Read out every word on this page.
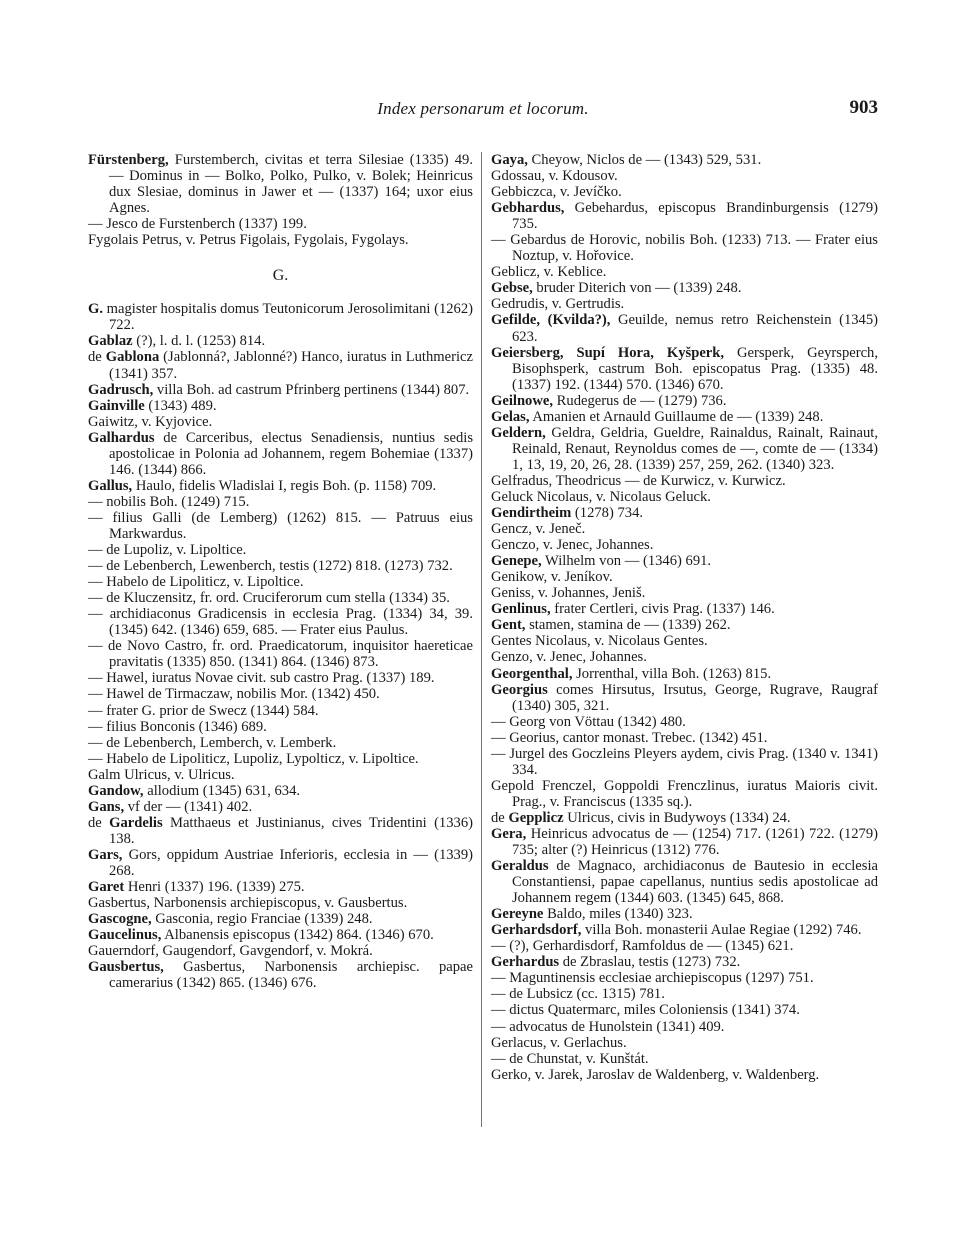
Index personarum et locorum.	903

Fürstenberg, Furstemberch, civitas et terra Silesiae (1335) 49. — Dominus in — Bolko, Polko, Pulko, v. Bolek; Heinricus dux Slesiae, dominus in Jawer et — (1337) 164; uxor eius Agnes.

— Jesco de Furstenberch (1337) 199.

Fygolais Petrus, v. Petrus Figolais, Fygolais, Fygolays.

G.

G. magister hospitalis domus Teutonicorum Jerosolimitani (1262) 722.

Gablaz (?), l. d. l. (1253) 814.

de Gablona (Jablonná?, Jablonné?) Hanco, iuratus in Luthmericz (1341) 357.

Gadrusch, villa Boh. ad castrum Pfrinberg pertinens (1344) 807.

Gainville (1343) 489.

Gaiwitz, v. Kyjovice.

Galhardus de Carceribus, electus Senadiensis, nuntius sedis apostolicae in Polonia ad Johannem, regem Bohemiae (1337) 146. (1344) 866.

Gallus, Haulo, fidelis Wladislai I, regis Boh. (p. 1158) 709.

— nobilis Boh. (1249) 715.

— filius Galli (de Lemberg) (1262) 815. — Patruus eius Markwardus.

— de Lupoliz, v. Lipoltice.

— de Lebenberch, Lewenberch, testis (1272) 818. (1273) 732.

— Habelo de Lipoliticz, v. Lipoltice.

— de Kluczensitz, fr. ord. Cruciferorum cum stella (1334) 35.

— archidiaconus Gradicensis in ecclesia Prag. (1334) 34, 39. (1345) 642. (1346) 659, 685. — Frater eius Paulus.

— de Novo Castro, fr. ord. Praedicatorum, inquisitor haereticae pravitatis (1335) 850. (1341) 864. (1346) 873.

— Hawel, iuratus Novae civit. sub castro Prag. (1337) 189.

— Hawel de Tirmaczaw, nobilis Mor. (1342) 450.

— frater G. prior de Swecz (1344) 584.

— filius Bonconis (1346) 689.

— de Lebenberch, Lemberch, v. Lemberk.

— Habelo de Lipoliticz, Lupoliz, Lypolticz, v. Lipoltice.

Galm Ulricus, v. Ulricus.

Gandow, allodium (1345) 631, 634.

Gans, vf der — (1341) 402.

de Gardelis Matthaeus et Justinianus, cives Tridentini (1336) 138.

Gars, Gors, oppidum Austriae Inferioris, ecclesia in — (1339) 268.

Garet Henri (1337) 196. (1339) 275.

Gasbertus, Narbonensis archiepiscopus, v. Gausbertus.

Gascogne, Gasconia, regio Franciae (1339) 248.

Gaucelinus, Albanensis episcopus (1342) 864. (1346) 670.

Gauerndorf, Gaugendorf, Gavgendorf, v. Mokrá.

Gausbertus, Gasbertus, Narbonensis archiepisc. papae camerarius (1342) 865. (1346) 676.

Gaya, Cheyow, Niclos de — (1343) 529, 531.

Gdossau, v. Kdousov.

Gebbiczca, v. Jevíčko.

Gebhardus, Gebehardus, episcopus Brandinburgensis (1279) 735.

— Gebardus de Horovic, nobilis Boh. (1233) 713. — Frater eius Noztup, v. Hořovice.

Geblicz, v. Keblice.

Gebse, bruder Diterich von — (1339) 248.

Gedrudis, v. Gertrudis.

Gefilde, (Kvilda?), Geuilde, nemus retro Reichenstein (1345) 623.

Geiersberg, Supí Hora, Kyšperk, Gersperk, Geyrsperch, Bisophsperk, castrum Boh. episcopatus Prag. (1335) 48. (1337) 192. (1344) 570. (1346) 670.

Geilnowe, Rudegerus de — (1279) 736.

Gelas, Amanien et Arnauld Guillaume de — (1339) 248.

Geldern, Geldra, Geldria, Gueldre, Rainaldus, Rainalt, Rainaut, Reinald, Renaut, Reynoldus comes de —, comte de — (1334) 1, 13, 19, 20, 26, 28. (1339) 257, 259, 262. (1340) 323.

Gelfradus, Theodricus — de Kurwicz, v. Kurwicz.

Geluck Nicolaus, v. Nicolaus Geluck.

Gendirtheim (1278) 734.

Gencz, v. Jeneč.

Genczo, v. Jenec, Johannes.

Genepe, Wilhelm von — (1346) 691.

Genikow, v. Jeníkov.

Geniss, v. Johannes, Jeniš.

Genlinus, frater Certleri, civis Prag. (1337) 146.

Gent, stamen, stamina de — (1339) 262.

Gentes Nicolaus, v. Nicolaus Gentes.

Genzo, v. Jenec, Johannes.

Georgenthal, Jorrenthal, villa Boh. (1263) 815.

Georgius comes Hirsutus, Irsutus, George, Rugrave, Raugraf (1340) 305, 321.

— Georg von Vöttau (1342) 480.

— Georius, cantor monast. Trebec. (1342) 451.

— Jurgel des Goczleins Pleyers aydem, civis Prag. (1340 v. 1341) 334.

Gepold Frenczel, Goppoldi Frenczlinus, iuratus Maioris civit. Prag., v. Franciscus (1335 sq.).

de Gepplicz Ulricus, civis in Budywoys (1334) 24.

Gera, Heinricus advocatus de — (1254) 717. (1261) 722. (1279) 735; alter (?) Heinricus (1312) 776.

Geraldus de Magnaco, archidiaconus de Bautesio in ecclesia Constantiensi, papae capellanus, nuntius sedis apostolicae ad Johannem regem (1344) 603. (1345) 645, 868.

Gereyne Baldo, miles (1340) 323.

Gerhardsdorf, villa Boh. monasterii Aulae Regiae (1292) 746.

— (?), Gerhardisdorf, Ramfoldus de — (1345) 621.

Gerhardus de Zbraslau, testis (1273) 732.

— Maguntinensis ecclesiae archiepiscopus (1297) 751.

— de Lubsicz (cc. 1315) 781.

— dictus Quatermarc, miles Coloniensis (1341) 374.

— advocatus de Hunolstein (1341) 409.

Gerlacus, v. Gerlachus.

— de Chunstat, v. Kunštát.

Gerko, v. Jarek, Jaroslav de Waldenberg, v. Waldenberg.
